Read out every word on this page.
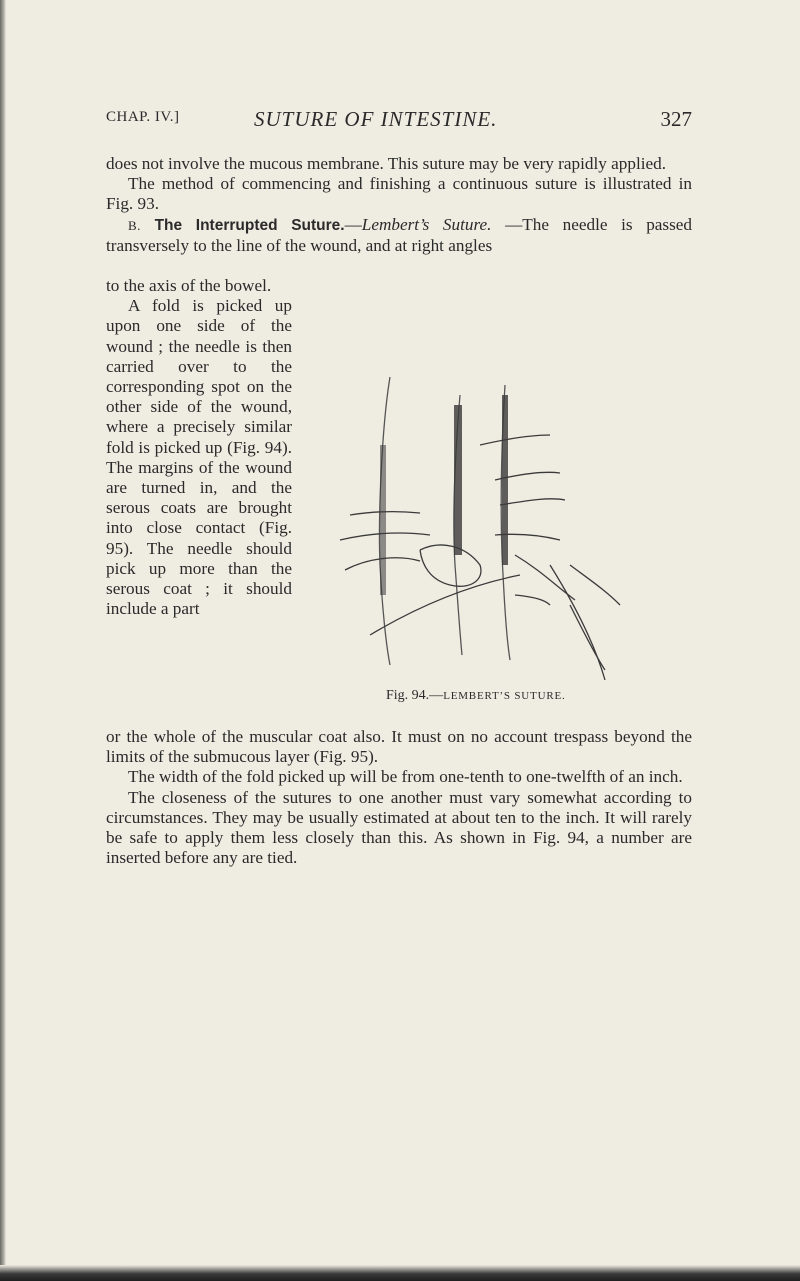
CHAP. IV.]	SUTURE OF INTESTINE.	327

does not involve the mucous membrane. This suture may be very rapidly applied.

The method of commencing and finishing a continuous suture is illustrated in Fig. 93.

B. The Interrupted Suture.—Lembert’s Suture. —The needle is passed transversely to the line of the wound, and at right angles

to the axis of the bowel.

A fold is picked up upon one side of the wound ; the needle is then carried over to the corresponding spot on the other side of the wound, where a precisely similar fold is picked up (Fig. 94). The margins of the wound are turned in, and the serous coats are brought into close contact (Fig. 95). The needle should pick up more than the serous coat ; it should include a part

Fig. 94.—LEMBERT’S SUTURE.

or the whole of the muscular coat also. It must on no account trespass beyond the limits of the submucous layer (Fig. 95).

The width of the fold picked up will be from one-tenth to one-twelfth of an inch.

The closeness of the sutures to one another must vary somewhat according to circumstances. They may be usually estimated at about ten to the inch. It will rarely be safe to apply them less closely than this. As shown in Fig. 94, a number are inserted before any are tied.
